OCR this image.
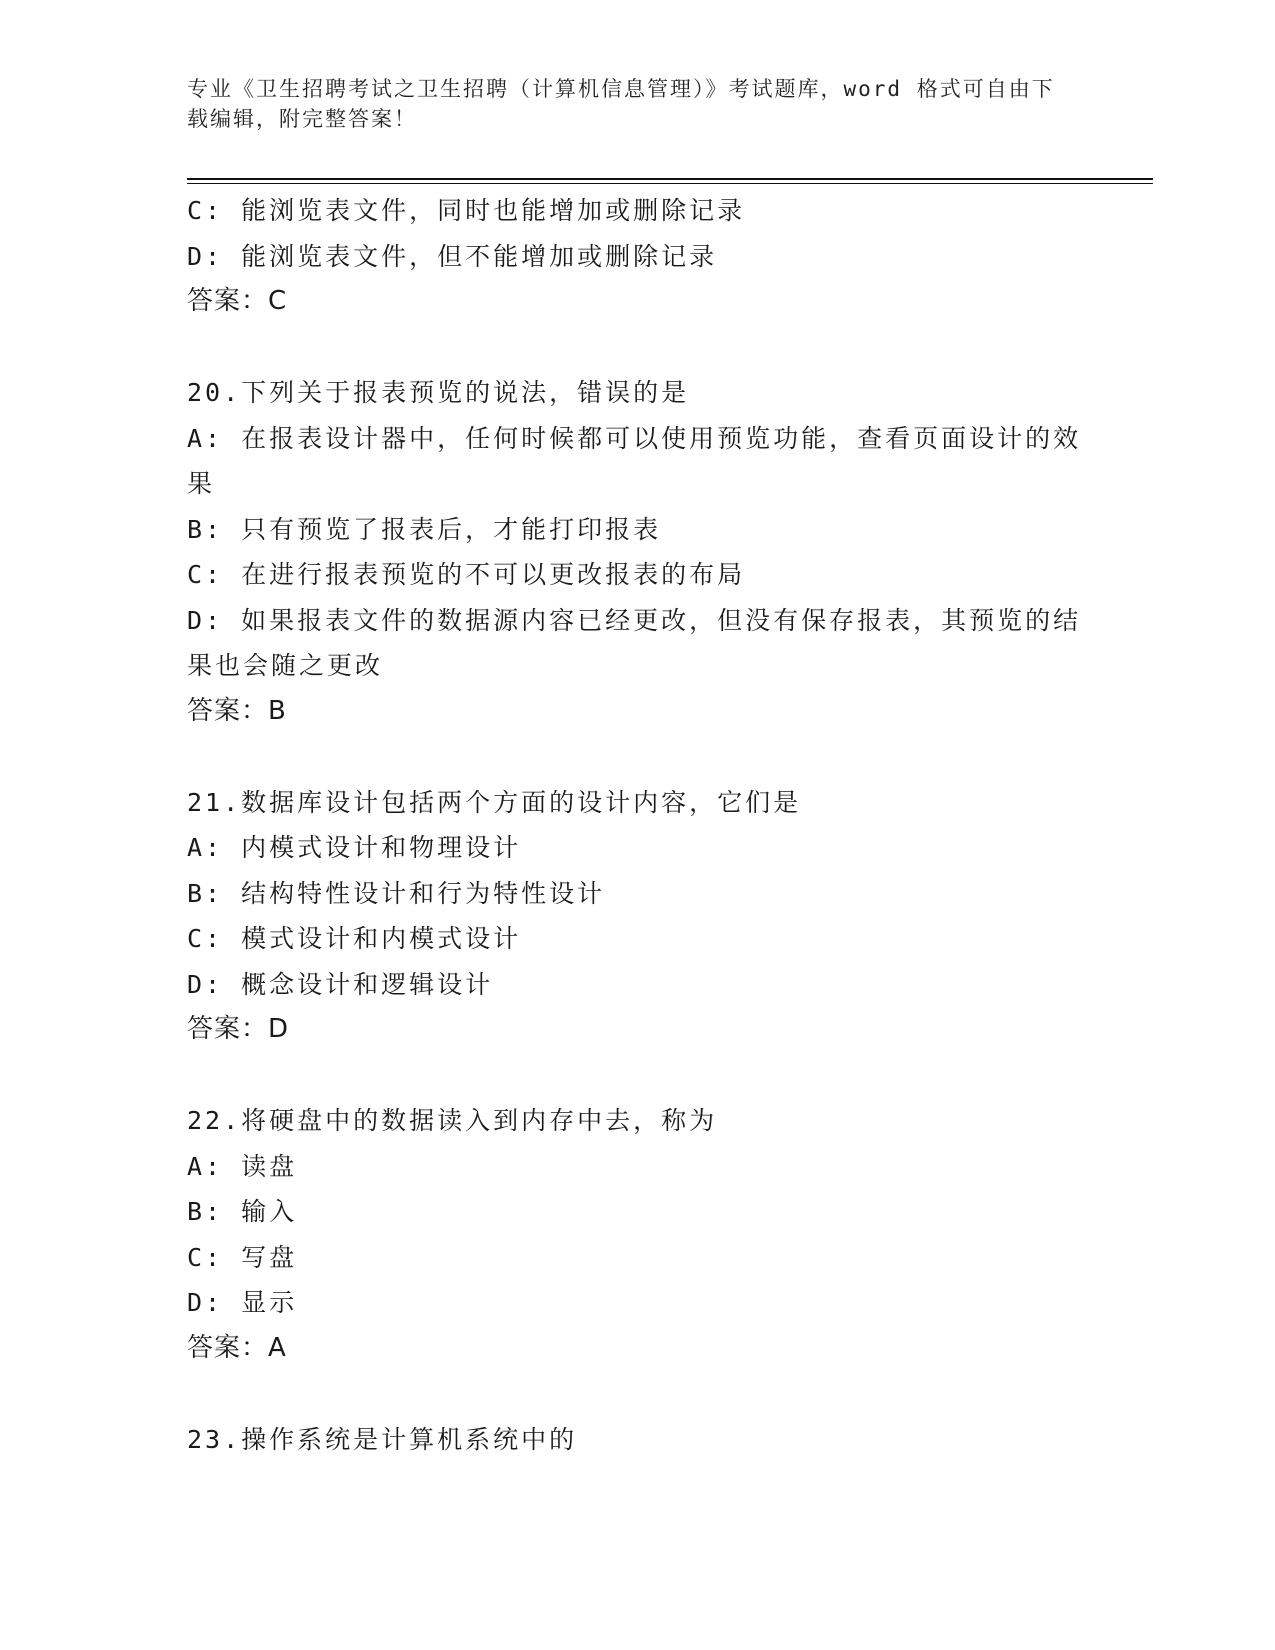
专业《卫生招聘考试之卫生招聘（计算机信息管理）》考试题库，word 格式可自由下载编辑，附完整答案！
C: 能浏览表文件，同时也能增加或删除记录
D: 能浏览表文件，但不能增加或删除记录
答案：C
20.下列关于报表预览的说法，错误的是
A: 在报表设计器中，任何时候都可以使用预览功能，查看页面设计的效果
B: 只有预览了报表后，才能打印报表
C: 在进行报表预览的不可以更改报表的布局
D: 如果报表文件的数据源内容已经更改，但没有保存报表，其预览的结果也会随之更改
答案：B
21.数据库设计包括两个方面的设计内容，它们是
A: 内模式设计和物理设计
B: 结构特性设计和行为特性设计
C: 模式设计和内模式设计
D: 概念设计和逻辑设计
答案：D
22.将硬盘中的数据读入到内存中去，称为
A: 读盘
B: 输入
C: 写盘
D: 显示
答案：A
23.操作系统是计算机系统中的
